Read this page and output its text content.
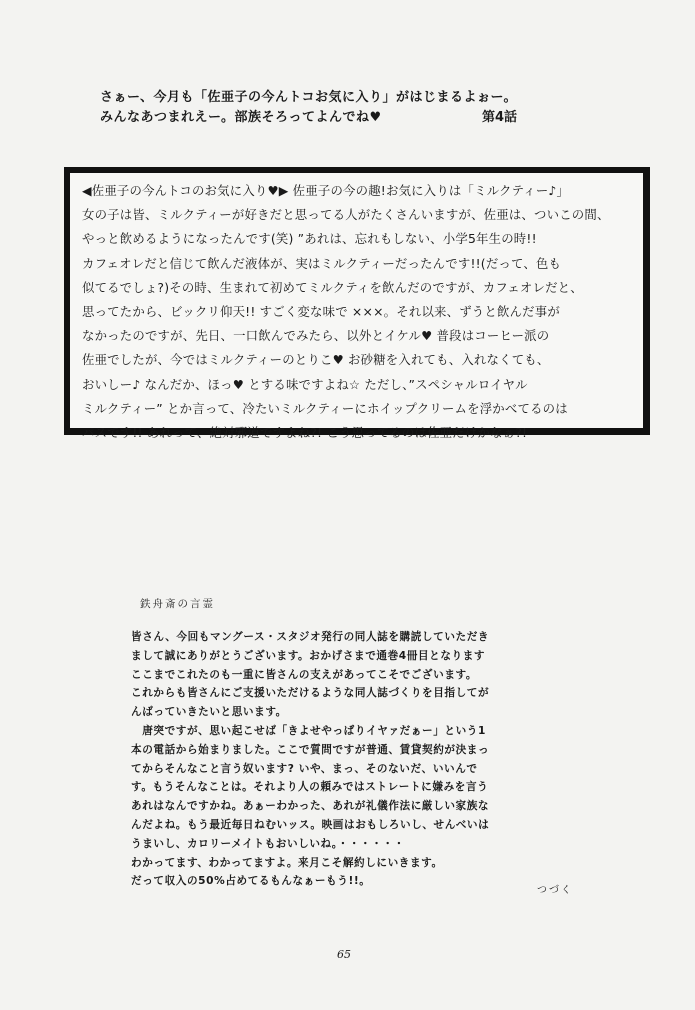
さぁー、今月も「佐亜子の今んトコお気に入り」がはじまるよぉー。
みんなあつまれえー。部族そろってよんでね♥	第4話
◀佐亜子の今んトコのお気に入り♥▶ 佐亜子の今の趣!お気に入りは「ミルクティー♪」
女の子は皆、ミルクティーが好きだと思ってる人がたくさんいますが、佐亜は、ついこの間、
やっと飲めるようになったんです(笑) ”あれは、忘れもしない、小学5年生の時!!
カフェオレだと信じて飲んだ液体が、実はミルクティーだったんです!!(だって、色も
似てるでしょ?)その時、生まれて初めてミルクティを飲んだのですが、カフェオレだと、
思ってたから、ビックリ仰天!! すごく変な味で ×××。それ以来、ずうと飲んだ事が
なかったのですが、先日、一口飲んでみたら、以外とイケル♥ 普段はコーヒー派の
佐亜でしたが、今ではミルクティーのとりこ♥ お砂糖を入れても、入れなくても、
おいしー♪ なんだか、ほっ♥ とする味ですよね☆ ただし、”スペシャルロイヤル
ミルクティー” とか言って、冷たいミルクティーにホイップクリームを浮かべてるのは
パスです!! あれって、絶対邪道ですよね?! こう思ってるのは佐亜だけかなぁ?!
鉄舟斎の言霊
皆さん、今回もマングース・スタジオ発行の同人誌を購読していただき
まして誠にありがとうございます。おかげさまで通巻4冊目となります
ここまでこれたのも一重に皆さんの支えがあってこそでございます。
これからも皆さんにご支援いただけるような同人誌づくりを目指してが
んばっていきたいと思います。
　唐突ですが、思い起こせば「きよせやっぱりイヤァだぁー」という1
本の電話から始まりました。ここで質問ですが普通、賃貸契約が決まっ
てからそんなこと言う奴います? いや、まっ、そのないだ、いいんで
す。もうそんなことは。それより人の頼みではストレートに嫌みを言う
あれはなんですかね。あぁーわかった、あれが礼儀作法に厳しい家族な
んだよね。もう最近毎日ねむいッス。映画はおもしろいし、せんべいは
うまいし、カロリーメイトもおいしいね。・・・・・・
わかってます、わかってますよ。来月こそ解約しにいきます。
だって収入の50%占めてるもんなぁーもう!!。
つづく
65
